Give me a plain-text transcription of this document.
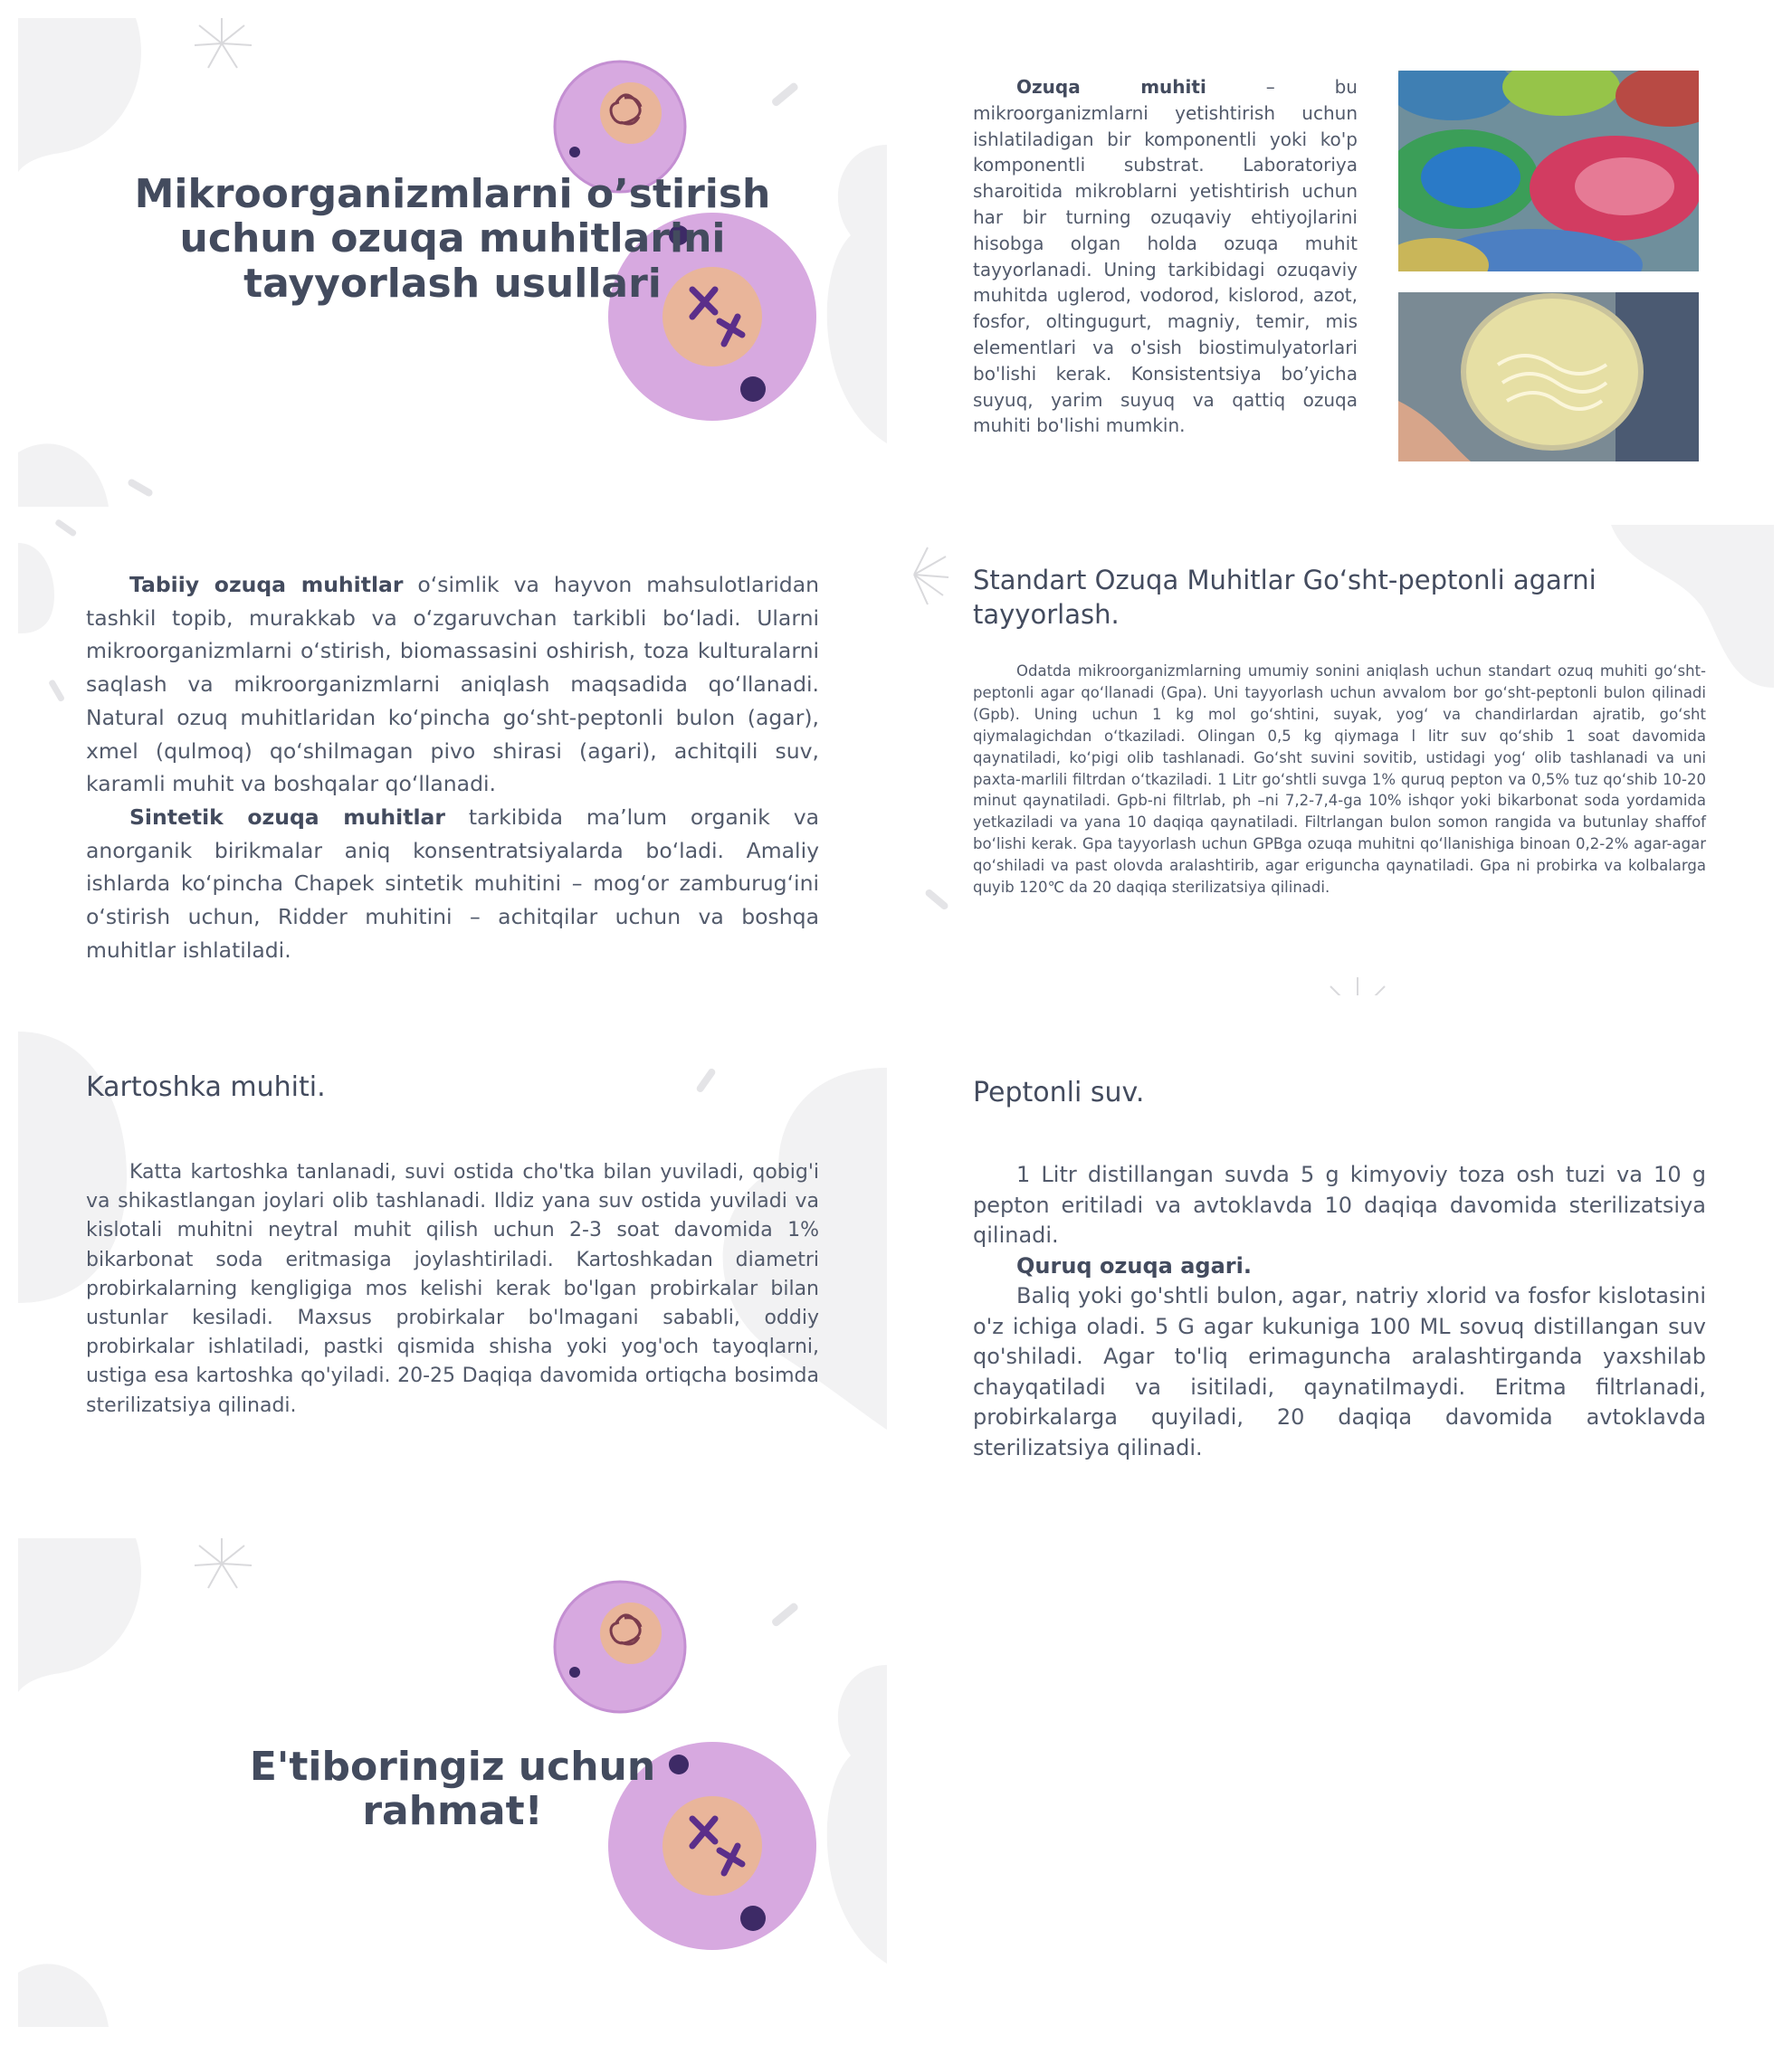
Mikroorganizmlarni o’stirish
uchun ozuqa muhitlarini
tayyorlash usullari

Ozuqa muhiti – bu mikroorganizmlarni yetishtirish uchun ishlatiladigan bir komponentli yoki ko'p komponentli substrat. Laboratoriya sharoitida mikroblarni yetishtirish uchun har bir turning ozuqaviy ehtiyojlarini hisobga olgan holda ozuqa muhit tayyorlanadi. Uning tarkibidagi ozuqaviy muhitda uglerod, vodorod, kislorod, azot, fosfor, oltingugurt, magniy, temir, mis elementlari va o'sish biostimulyatorlari bo'lishi kerak. Konsistentsiya bo’yicha suyuq, yarim suyuq va qattiq ozuqa muhiti bo'lishi mumkin.

Tabiiy ozuqa muhitlar o‘simlik va hayvon mahsulotlaridan tashkil topib, murakkab va o‘zgaruvchan tarkibli bo‘ladi. Ularni mikroorganizmlarni o‘stirish, biomassasini oshirish, toza kulturalarni saqlash va mikroorganizmlarni aniqlash maqsadida qo‘llanadi. Natural ozuq muhitlaridan ko‘pincha go‘sht-peptonli bulon (agar), xmel (qulmoq) qo‘shilmagan pivo shirasi (agari), achitqili suv, karamli muhit va boshqalar qo‘llanadi.

Sintetik ozuqa muhitlar tarkibida ma’lum organik va anorganik birikmalar aniq konsentratsiyalarda bo‘ladi. Amaliy ishlarda ko‘pincha Chapek sintetik muhitini – mog‘or zamburug‘ini o‘stirish uchun, Ridder muhitini – achitqilar uchun va boshqa muhitlar ishlatiladi.

Standart Ozuqa Muhitlar Go‘sht-peptonli agarni tayyorlash.

Odatda mikroorganizmlarning umumiy sonini aniqlash uchun standart ozuq muhiti go‘sht-peptonli agar qo‘llanadi (Gpa). Uni tayyorlash uchun avvalom bor go‘sht-peptonli bulon qilinadi (Gpb). Uning uchun 1 kg mol go‘shtini, suyak, yog‘ va chandirlardan ajratib, go‘sht qiymalagichdan o‘tkaziladi. Olingan 0,5 kg qiymaga l litr suv qo‘shib 1 soat davomida qaynatiladi, ko‘pigi olib tashlanadi. Go‘sht suvini sovitib, ustidagi yog‘ olib tashlanadi va uni paxta-marlili filtrdan o‘tkaziladi. 1 Litr go‘shtli suvga 1% quruq pepton va 0,5% tuz qo‘shib 10-20 minut qaynatiladi. Gpb-ni filtrlab, ph –ni 7,2-7,4-ga 10% ishqor yoki bikarbonat soda yordamida yetkaziladi va yana 10 daqiqa qaynatiladi. Filtrlangan bulon somon rangida va butunlay shaffof bo‘lishi kerak. Gpa tayyorlash uchun GPBga ozuqa muhitni qo‘llanishiga binoan 0,2-2% agar-agar qo‘shiladi va past olovda aralashtirib, agar eriguncha qaynatiladi. Gpa ni probirka va kolbalarga quyib 120℃ da 20 daqiqa sterilizatsiya qilinadi.

Kartoshka muhiti.

Katta kartoshka tanlanadi, suvi ostida cho'tka bilan yuviladi, qobig'i va shikastlangan joylari olib tashlanadi. Ildiz yana suv ostida yuviladi va kislotali muhitni neytral muhit qilish uchun 2-3 soat davomida 1% bikarbonat soda eritmasiga joylashtiriladi. Kartoshkadan diametri probirkalarning kengligiga mos kelishi kerak bo'lgan probirkalar bilan ustunlar kesiladi. Maxsus probirkalar bo'lmagani sababli, oddiy probirkalar ishlatiladi, pastki qismida shisha yoki yog'och tayoqlarni, ustiga esa kartoshka qo'yiladi. 20-25 Daqiqa davomida ortiqcha bosimda sterilizatsiya qilinadi.

Peptonli suv.

1 Litr distillangan suvda 5 g kimyoviy toza osh tuzi va 10 g pepton eritiladi va avtoklavda 10 daqiqa davomida sterilizatsiya qilinadi.

Quruq ozuqa agari.

Baliq yoki go'shtli bulon, agar, natriy xlorid va fosfor kislotasini o'z ichiga oladi. 5 G agar kukuniga 100 ML sovuq distillangan suv qo'shiladi. Agar to'liq erimaguncha aralashtirganda yaxshilab chayqatiladi va isitiladi, qaynatilmaydi. Eritma filtrlanadi, probirkalarga quyiladi, 20 daqiqa davomida avtoklavda sterilizatsiya qilinadi.

E'tiboringiz uchun rahmat!
